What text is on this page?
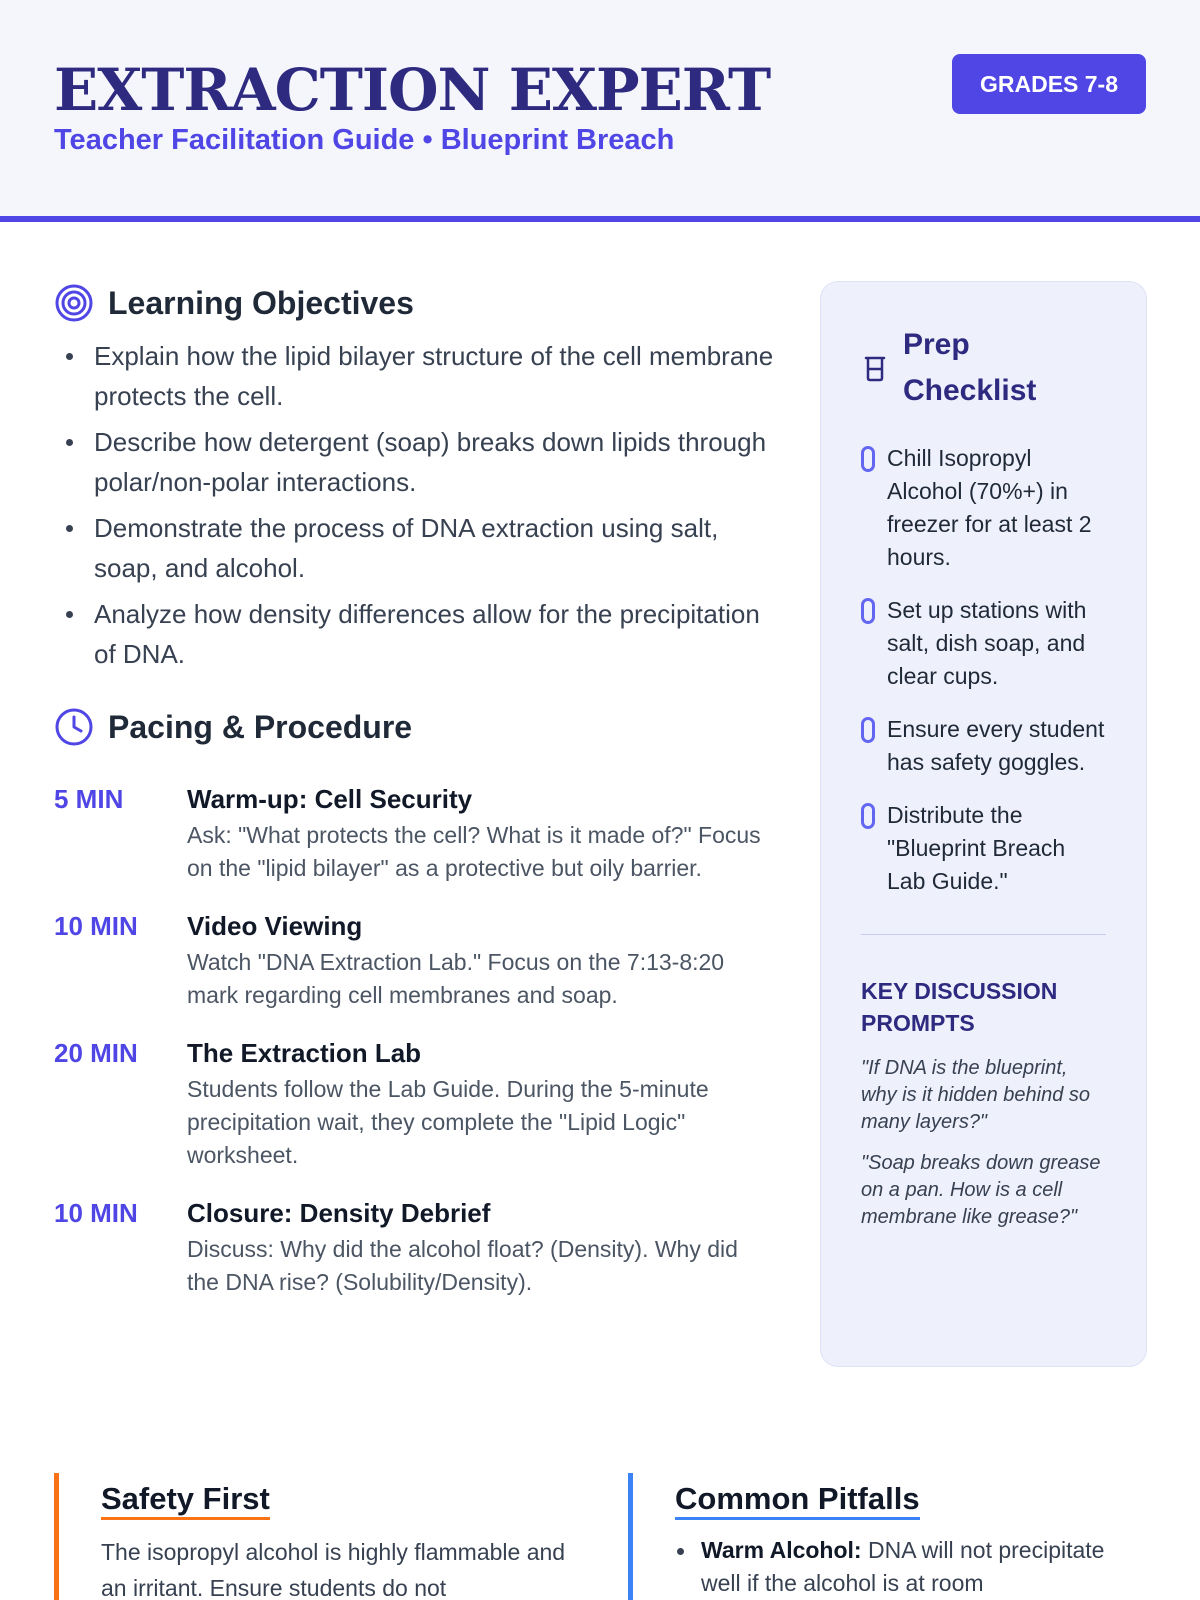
EXTRACTION EXPERT
Teacher Facilitation Guide • Blueprint Breach
GRADES 7-8
Learning Objectives
Explain how the lipid bilayer structure of the cell membrane protects the cell.
Describe how detergent (soap) breaks down lipids through polar/non-polar interactions.
Demonstrate the process of DNA extraction using salt, soap, and alcohol.
Analyze how density differences allow for the precipitation of DNA.
Pacing & Procedure
5 MIN	Warm-up: Cell Security
Ask: "What protects the cell? What is it made of?" Focus on the "lipid bilayer" as a protective but oily barrier.
10 MIN	Video Viewing
Watch "DNA Extraction Lab." Focus on the 7:13-8:20 mark regarding cell membranes and soap.
20 MIN	The Extraction Lab
Students follow the Lab Guide. During the 5-minute precipitation wait, they complete the "Lipid Logic" worksheet.
10 MIN	Closure: Density Debrief
Discuss: Why did the alcohol float? (Density). Why did the DNA rise? (Solubility/Density).
Prep Checklist
Chill Isopropyl Alcohol (70%+) in freezer for at least 2 hours.
Set up stations with salt, dish soap, and clear cups.
Ensure every student has safety goggles.
Distribute the "Blueprint Breach Lab Guide."
KEY DISCUSSION PROMPTS

"If DNA is the blueprint, why is it hidden behind so many layers?"

"Soap breaks down grease on a pan. How is a cell membrane like grease?"

Safety First

The isopropyl alcohol is highly flammable and an irritant. Ensure students do not

Common Pitfalls
Warm Alcohol: DNA will not precipitate well if the alcohol is at room
